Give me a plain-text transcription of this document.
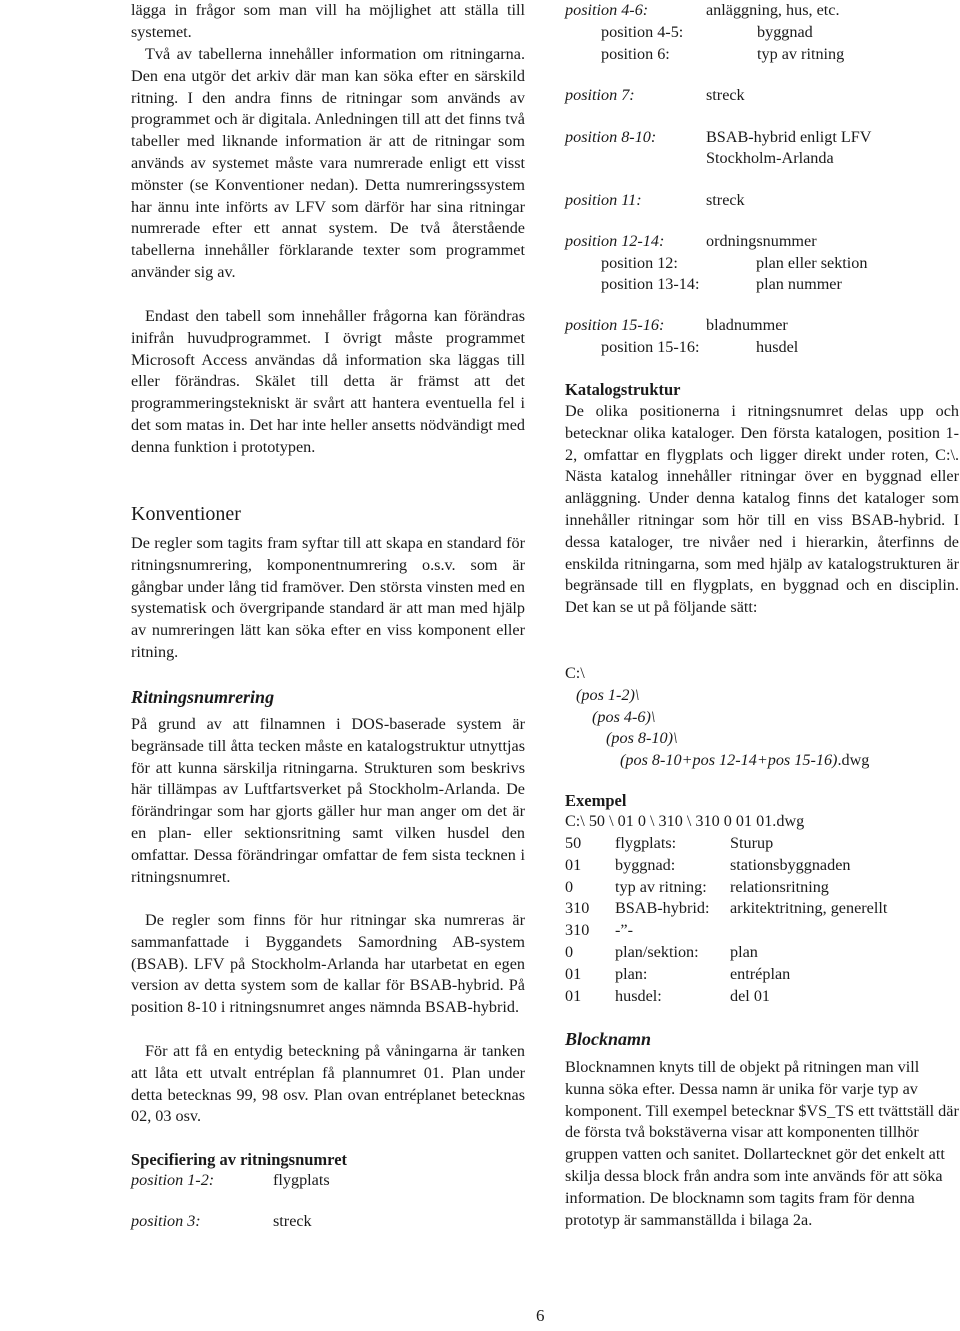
lägga in frågor som man vill ha möjlighet att ställa till systemet.

Två av tabellerna innehåller information om ritningarna. Den ena utgör det arkiv där man kan söka efter en särskild ritning. I den andra finns de ritningar som används av programmet och är digitala. Anledningen till att det finns två tabeller med liknande information är att de ritningar som används av systemet måste vara numrerade enligt ett visst mönster (se Konventioner nedan). Detta numreringssystem har ännu inte införts av LFV som därför har sina ritningar numrerade efter ett annat system. De två återstående tabellerna innehåller förklarande texter som programmet använder sig av.

Endast den tabell som innehåller frågorna kan förändras inifrån huvudprogrammet. I övrigt måste programmet Microsoft Access användas då information ska läggas till eller förändras. Skälet till detta är främst att det programmeringstekniskt är svårt att hantera eventuella fel i det som matas in. Det har inte heller ansetts nödvändigt med denna funktion i prototypen.

Konventioner

De regler som tagits fram syftar till att skapa en standard för ritningsnumrering, komponentnumrering o.s.v. som är gångbar under lång tid framöver. Den största vinsten med en systematisk och övergripande standard är att man med hjälp av numreringen lätt kan söka efter en viss komponent eller ritning.

Ritningsnumrering

På grund av att filnamnen i DOS-baserade system är begränsade till åtta tecken måste en katalogstruktur utnyttjas för att kunna särskilja ritningarna. Strukturen som beskrivs här tillämpas av Luftfartsverket på Stockholm-Arlanda. De förändringar som har gjorts gäller hur man anger om det är en plan- eller sektionsritning samt vilken husdel den omfattar. Dessa förändringar omfattar de fem sista tecknen i ritningsnumret.

De regler som finns för hur ritningar ska numreras är sammanfattade i Byggandets Samordning AB-system (BSAB). LFV på Stockholm-Arlanda har utarbetat en egen version av detta system som de kallar för BSAB-hybrid. På position 8-10 i ritningsnumret anges nämnda BSAB-hybrid.

För att få en entydig beteckning på våningarna är tanken att låta ett utvalt entréplan få plannumret 01. Plan under detta betecknas 99, 98 osv. Plan ovan entréplanet betecknas 02, 03 osv.

Specifiering av ritningsnumret
position 1-2:	flygplats
position 3:	streck
position 4-6:	anläggning, hus, etc.
position 4-5:	byggnad
position 6:	typ av ritning
position 7:	streck
position 8-10:	BSAB-hybrid enligt LFV
Stockholm-Arlanda
position 11:	streck
position 12-14:	ordningsnummer
position 12:	plan eller sektion
position 13-14:	plan nummer
position 15-16:	bladnummer
position 15-16:	husdel
Katalogstruktur

De olika positionerna i ritningsnumret delas upp och betecknar olika kataloger. Den första katalogen, position 1-2, omfattar en flygplats och ligger direkt under roten, C:\. Nästa katalog innehåller ritningar över en byggnad eller anläggning. Under denna katalog finns det kataloger som innehåller ritningar som hör till en viss BSAB-hybrid. I dessa kataloger, tre nivåer ned i hierarkin, återfinns de enskilda ritningarna, som med hjälp av katalogstrukturen är begränsade till en flygplats, en byggnad och en disciplin. Det kan se ut på följande sätt:

C:\
(pos 1-2)\
(pos 4-6)\
(pos 8-10)\
(pos 8-10+pos 12-14+pos 15-16).dwg
Exempel
C:\ 50 \ 01 0 \ 310 \ 310 0 01 01.dwg
50	flygplats:	Sturup
01	byggnad:	stationsbyggnaden
0	typ av ritning:	relationsritning
310	BSAB-hybrid:	arkitektritning, generellt
310	-”-
0	plan/sektion:	plan
01	plan:	entréplan
01	husdel:	del 01
Blocknamn

Blocknamnen knyts till de objekt på ritningen man vill kunna söka efter. Dessa namn är unika för varje typ av komponent. Till exempel betecknar $VS_TS ett tvättställ där de första två bokstäverna visar att komponenten tillhör gruppen vatten och sanitet. Dollartecknet gör det enkelt att skilja dessa block från andra som inte används för att söka information. De blocknamn som tagits fram för denna prototyp är sammanställda i bilaga 2a.

6
